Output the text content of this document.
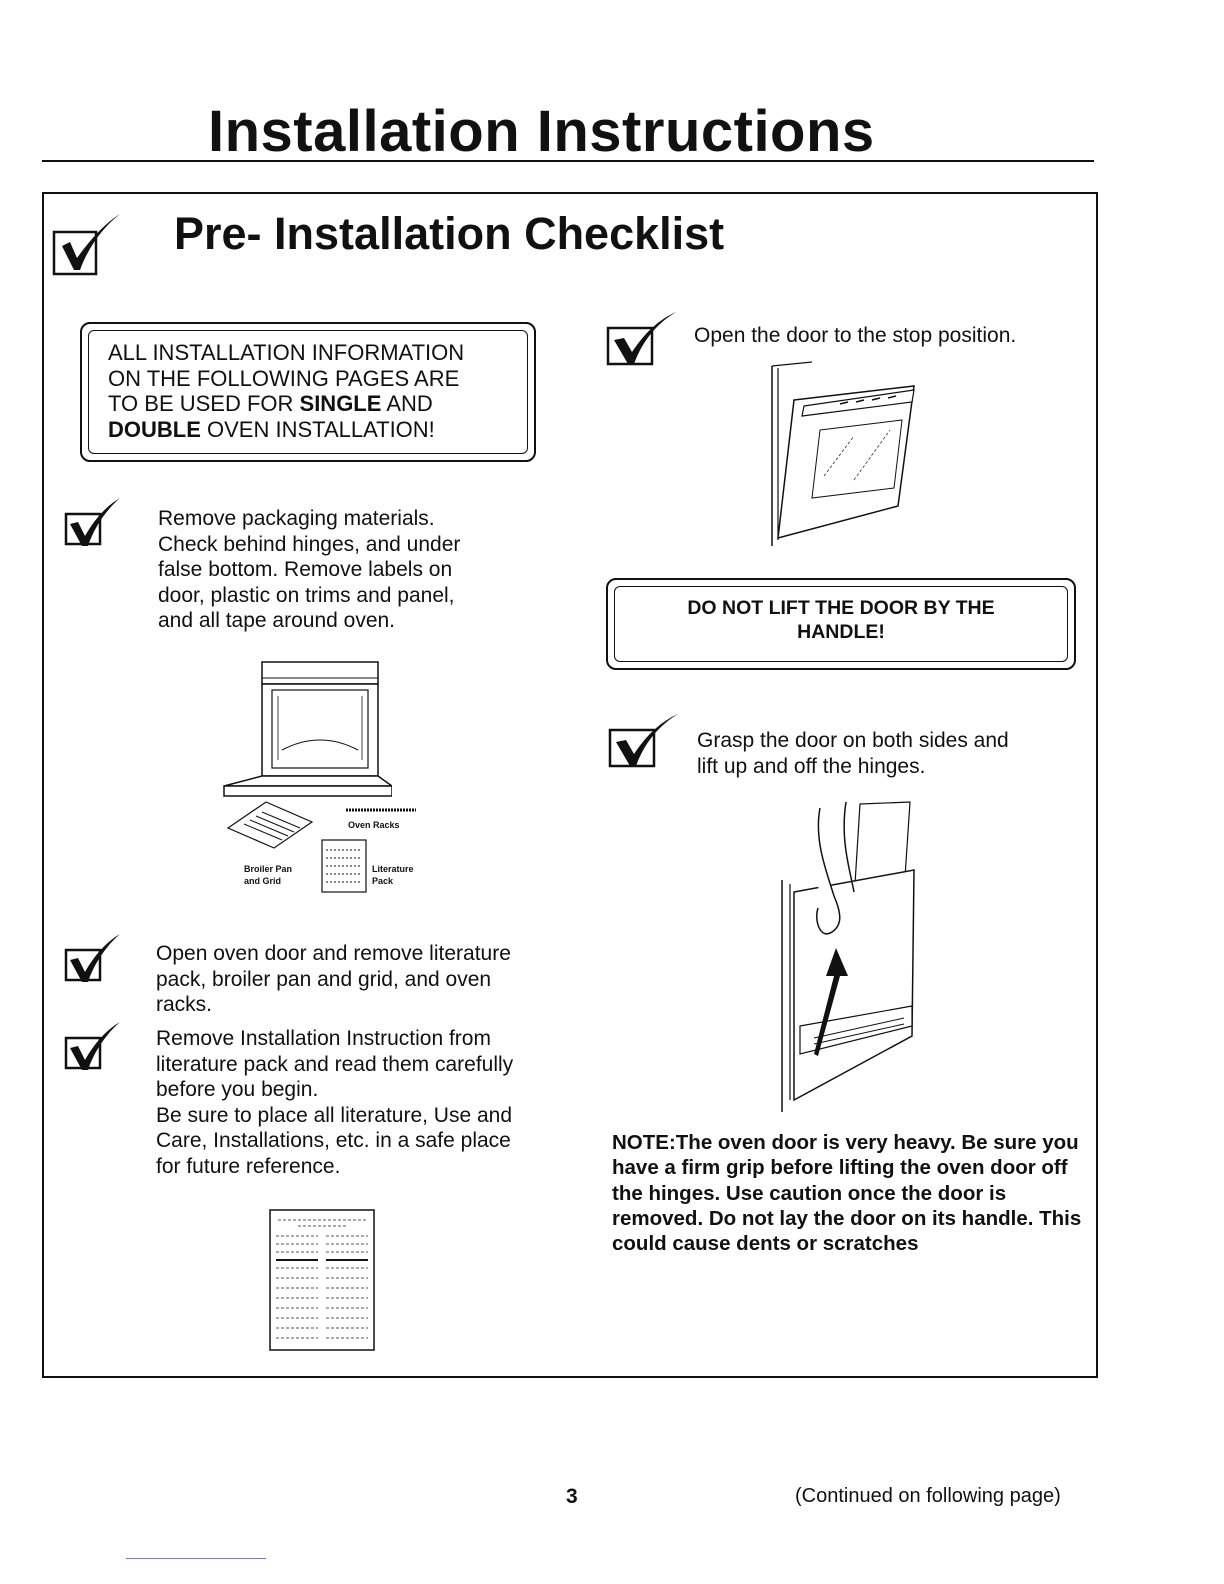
Installation Instructions
Pre- Installation Checklist
ALL INSTALLATION INFORMATION
ON THE FOLLOWING PAGES ARE
TO BE USED FOR SINGLE AND
DOUBLE OVEN INSTALLATION!

Remove packaging materials.
Check behind hinges, and under
false bottom. Remove labels on
door, plastic on trims and panel,
and all tape around oven.

Oven Racks
Broiler Pan
and Grid
Literature
Pack

Open oven door and remove literature
pack, broiler pan and grid, and oven
racks.

Remove Installation Instruction from
literature pack and read them carefully
before you begin.
Be sure to place all literature, Use and
Care, Installations, etc. in a safe place
for future reference.

Open the door to the stop position.

DO NOT LIFT THE DOOR BY THE
HANDLE!

Grasp the door on both sides and
lift up and off the hinges.

NOTE:The oven door is very heavy. Be sure you have a firm grip before lifting the oven door off the hinges. Use caution once the door is removed. Do not lay the door on its handle. This could cause dents or scratches

3	(Continued on following page)
